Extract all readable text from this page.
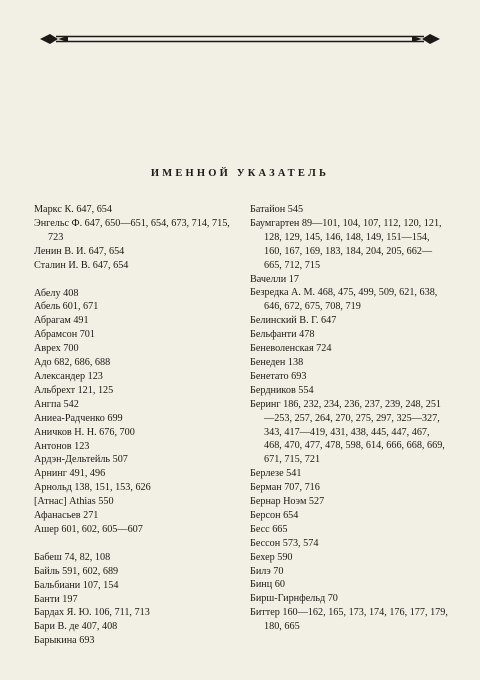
ИМЕННОЙ УКАЗАТЕЛЬ
Маркс К. 647, 654
Энгельс Ф. 647, 650—651, 654, 673, 714, 715, 723
Ленин В. И. 647, 654
Сталин И. В. 647, 654
Абелу 408
Абель 601, 671
Абрагам 491
Абрамсон 701
Аврех 700
Адо 682, 686, 688
Александер 123
Альбрехт 121, 125
Ангпа 542
Аниеа-Радченко 699
Аничков Н. Н. 676, 700
Антонов 123
Ардэн-Дельтейль 507
Арнинг 491, 496
Арнольд 138, 151, 153, 626
[Атнас] Athias 550
Афанасьев 271
Ашер 601, 602, 605—607
Бабеш 74, 82, 108
Байль 591, 602, 689
Бальбиани 107, 154
Банти 197
Бардах Я. Ю. 106, 711, 713
Бари В. де 407, 408
Барыкина 693
Батайон 545
Баумгартен 89—101, 104, 107, 112, 120, 121, 128, 129, 145, 146, 148, 149, 151—154, 160, 167, 169, 183, 184, 204, 205, 662—665, 712, 715
Вачелли 17
Безредка А. М. 468, 475, 499, 509, 621, 638, 646, 672, 675, 708, 719
Белинский В. Г. 647
Бельфанти 478
Беневоленская 724
Бенеден 138
Бенетато 693
Бердников 554
Беринг 186, 232, 234, 236, 237, 239, 248, 251—253, 257, 264, 270, 275, 297, 325—327, 343, 417—419, 431, 438, 445, 447, 467, 468, 470, 477, 478, 598, 614, 666, 668, 669, 671, 715, 721
Берлезе 541
Берман 707, 716
Бернар Ноэм 527
Берсон 654
Бесс 665
Бессон 573, 574
Бехер 590
Билэ 70
Бинц 60
Бирш-Гирнфельд 70
Биттер 160—162, 165, 173, 174, 176, 177, 179, 180, 665
